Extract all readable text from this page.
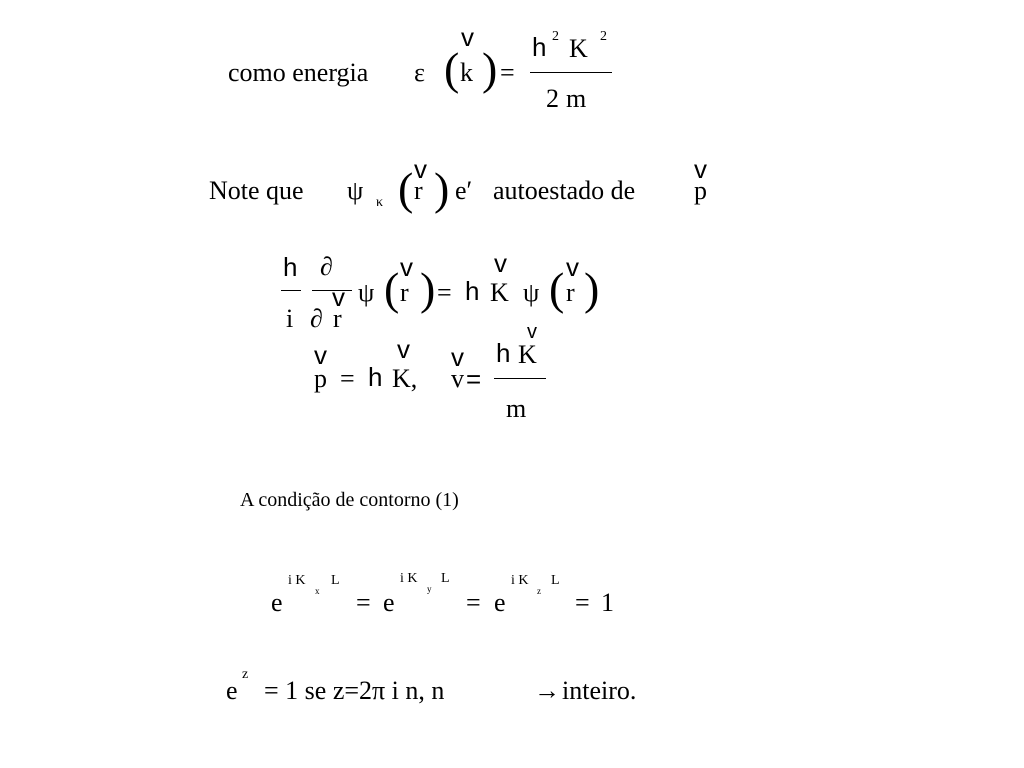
como energia ε (
v
k ) =
h 2 K 2
2 m
Note que ψ κ ( v
r ) e′ autoestado de
v
p
h
i
∂
∂
v
r
ψ ( v
r ) = h
v
K ψ ( v
r )
v
p = h
v
K,
v
v =
h
v
K
m
A condição de contorno (1)
e
i K
x
L
= e
i K
y
L
= e
i K
z
L
= 1
e
z
= 1 se z=2π i n, n	→ inteiro.
